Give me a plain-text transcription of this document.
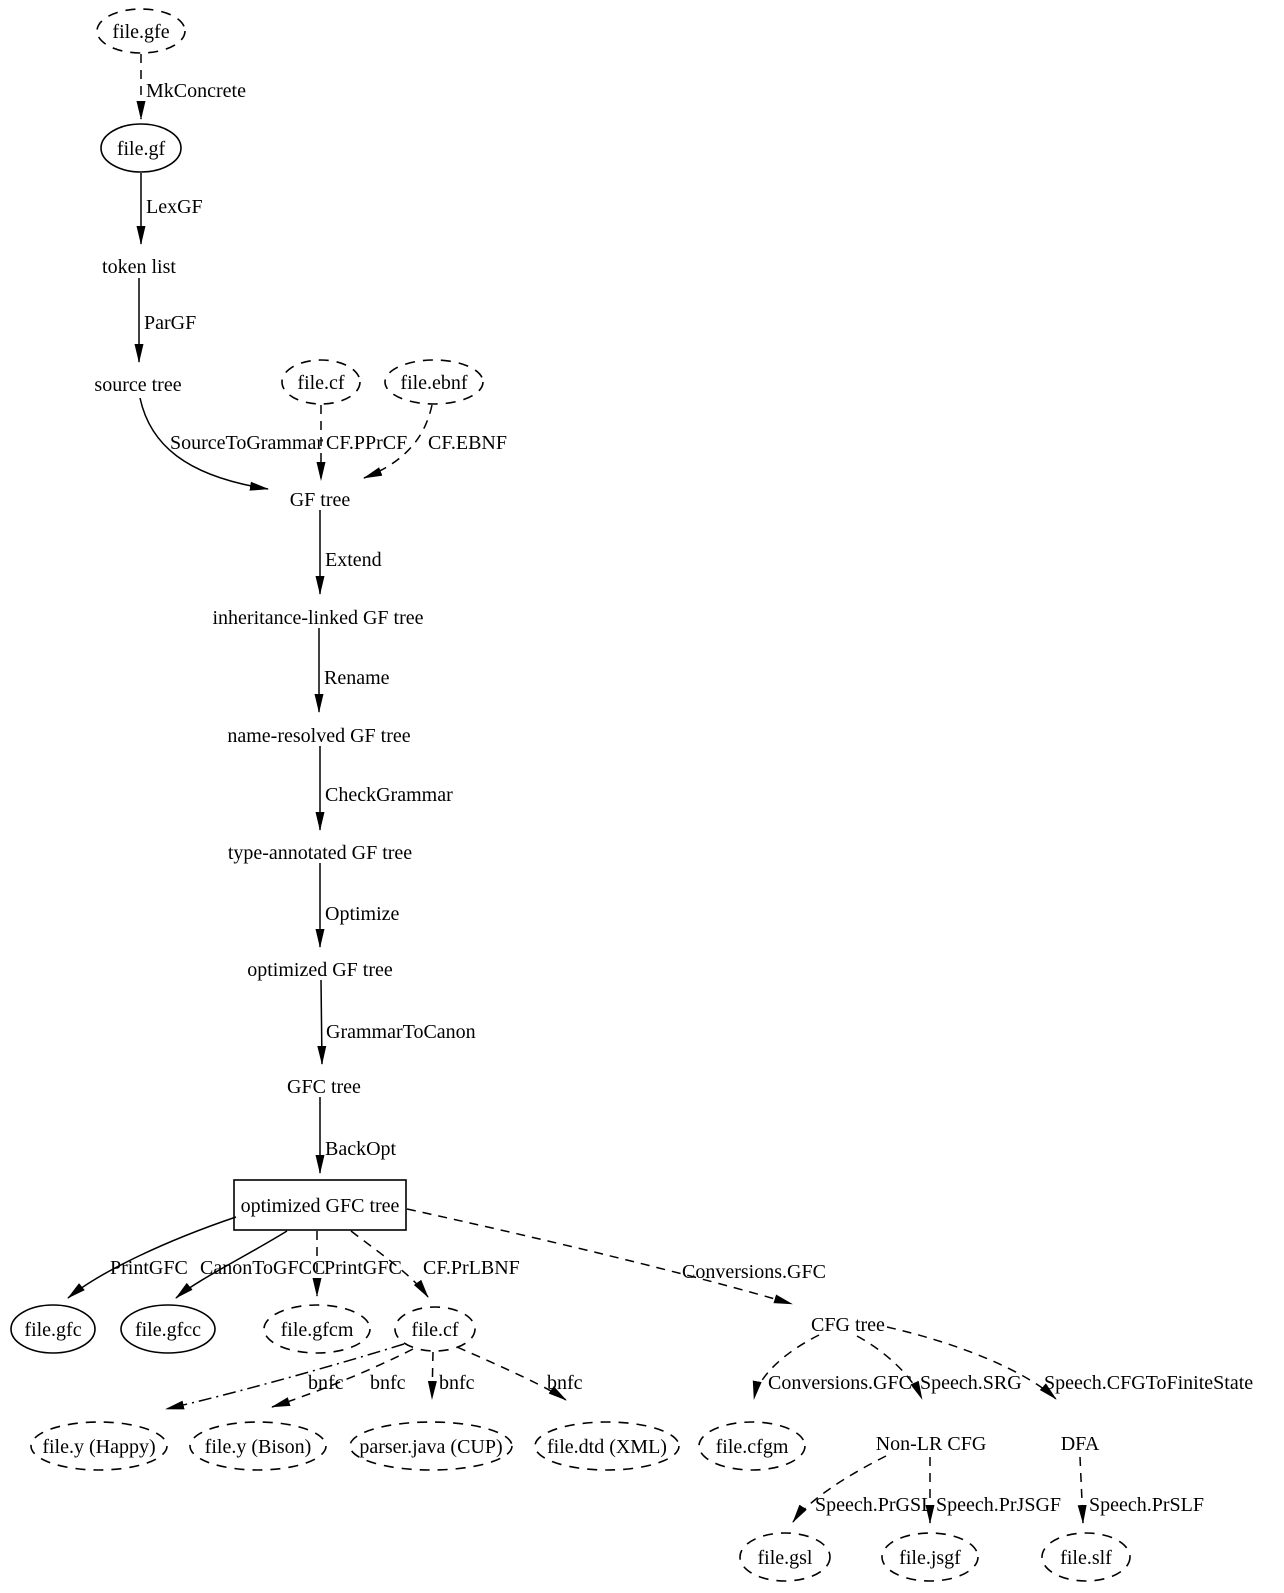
MkConcrete
LexGF
ParGF
SourceToGrammar CF.PPrCF CF.EBNF
Extend
Rename
CheckGrammar
Optimize
GrammarToCanon
BackOpt
PrintGFC CanonToGFCC
PrintGFC CF.PrLBNF	Conversions.GFC
bnfc bnfc bnfc	bnfc	Conversions.GFC Speech.SRG Speech.CFGToFiniteState
Speech.PrGSL Speech.PrJSGF Speech.PrSLF
file.gfe
file.gf
token list
source tree	file.cf	file.ebnf
GF tree
inheritance-linked GF tree
name-resolved GF tree
type-annotated GF tree
optimized GF tree
GFC tree
optimized GFC tree
file.gfc	file.gfcc	file.gfcm	file.cf	CFG tree
file.y (Happy) file.y (Bison) parser.java (CUP) file.dtd (XML) file.cfgm	Non-LR CFG	DFA
file.gsl	file.jsgf	file.slf
